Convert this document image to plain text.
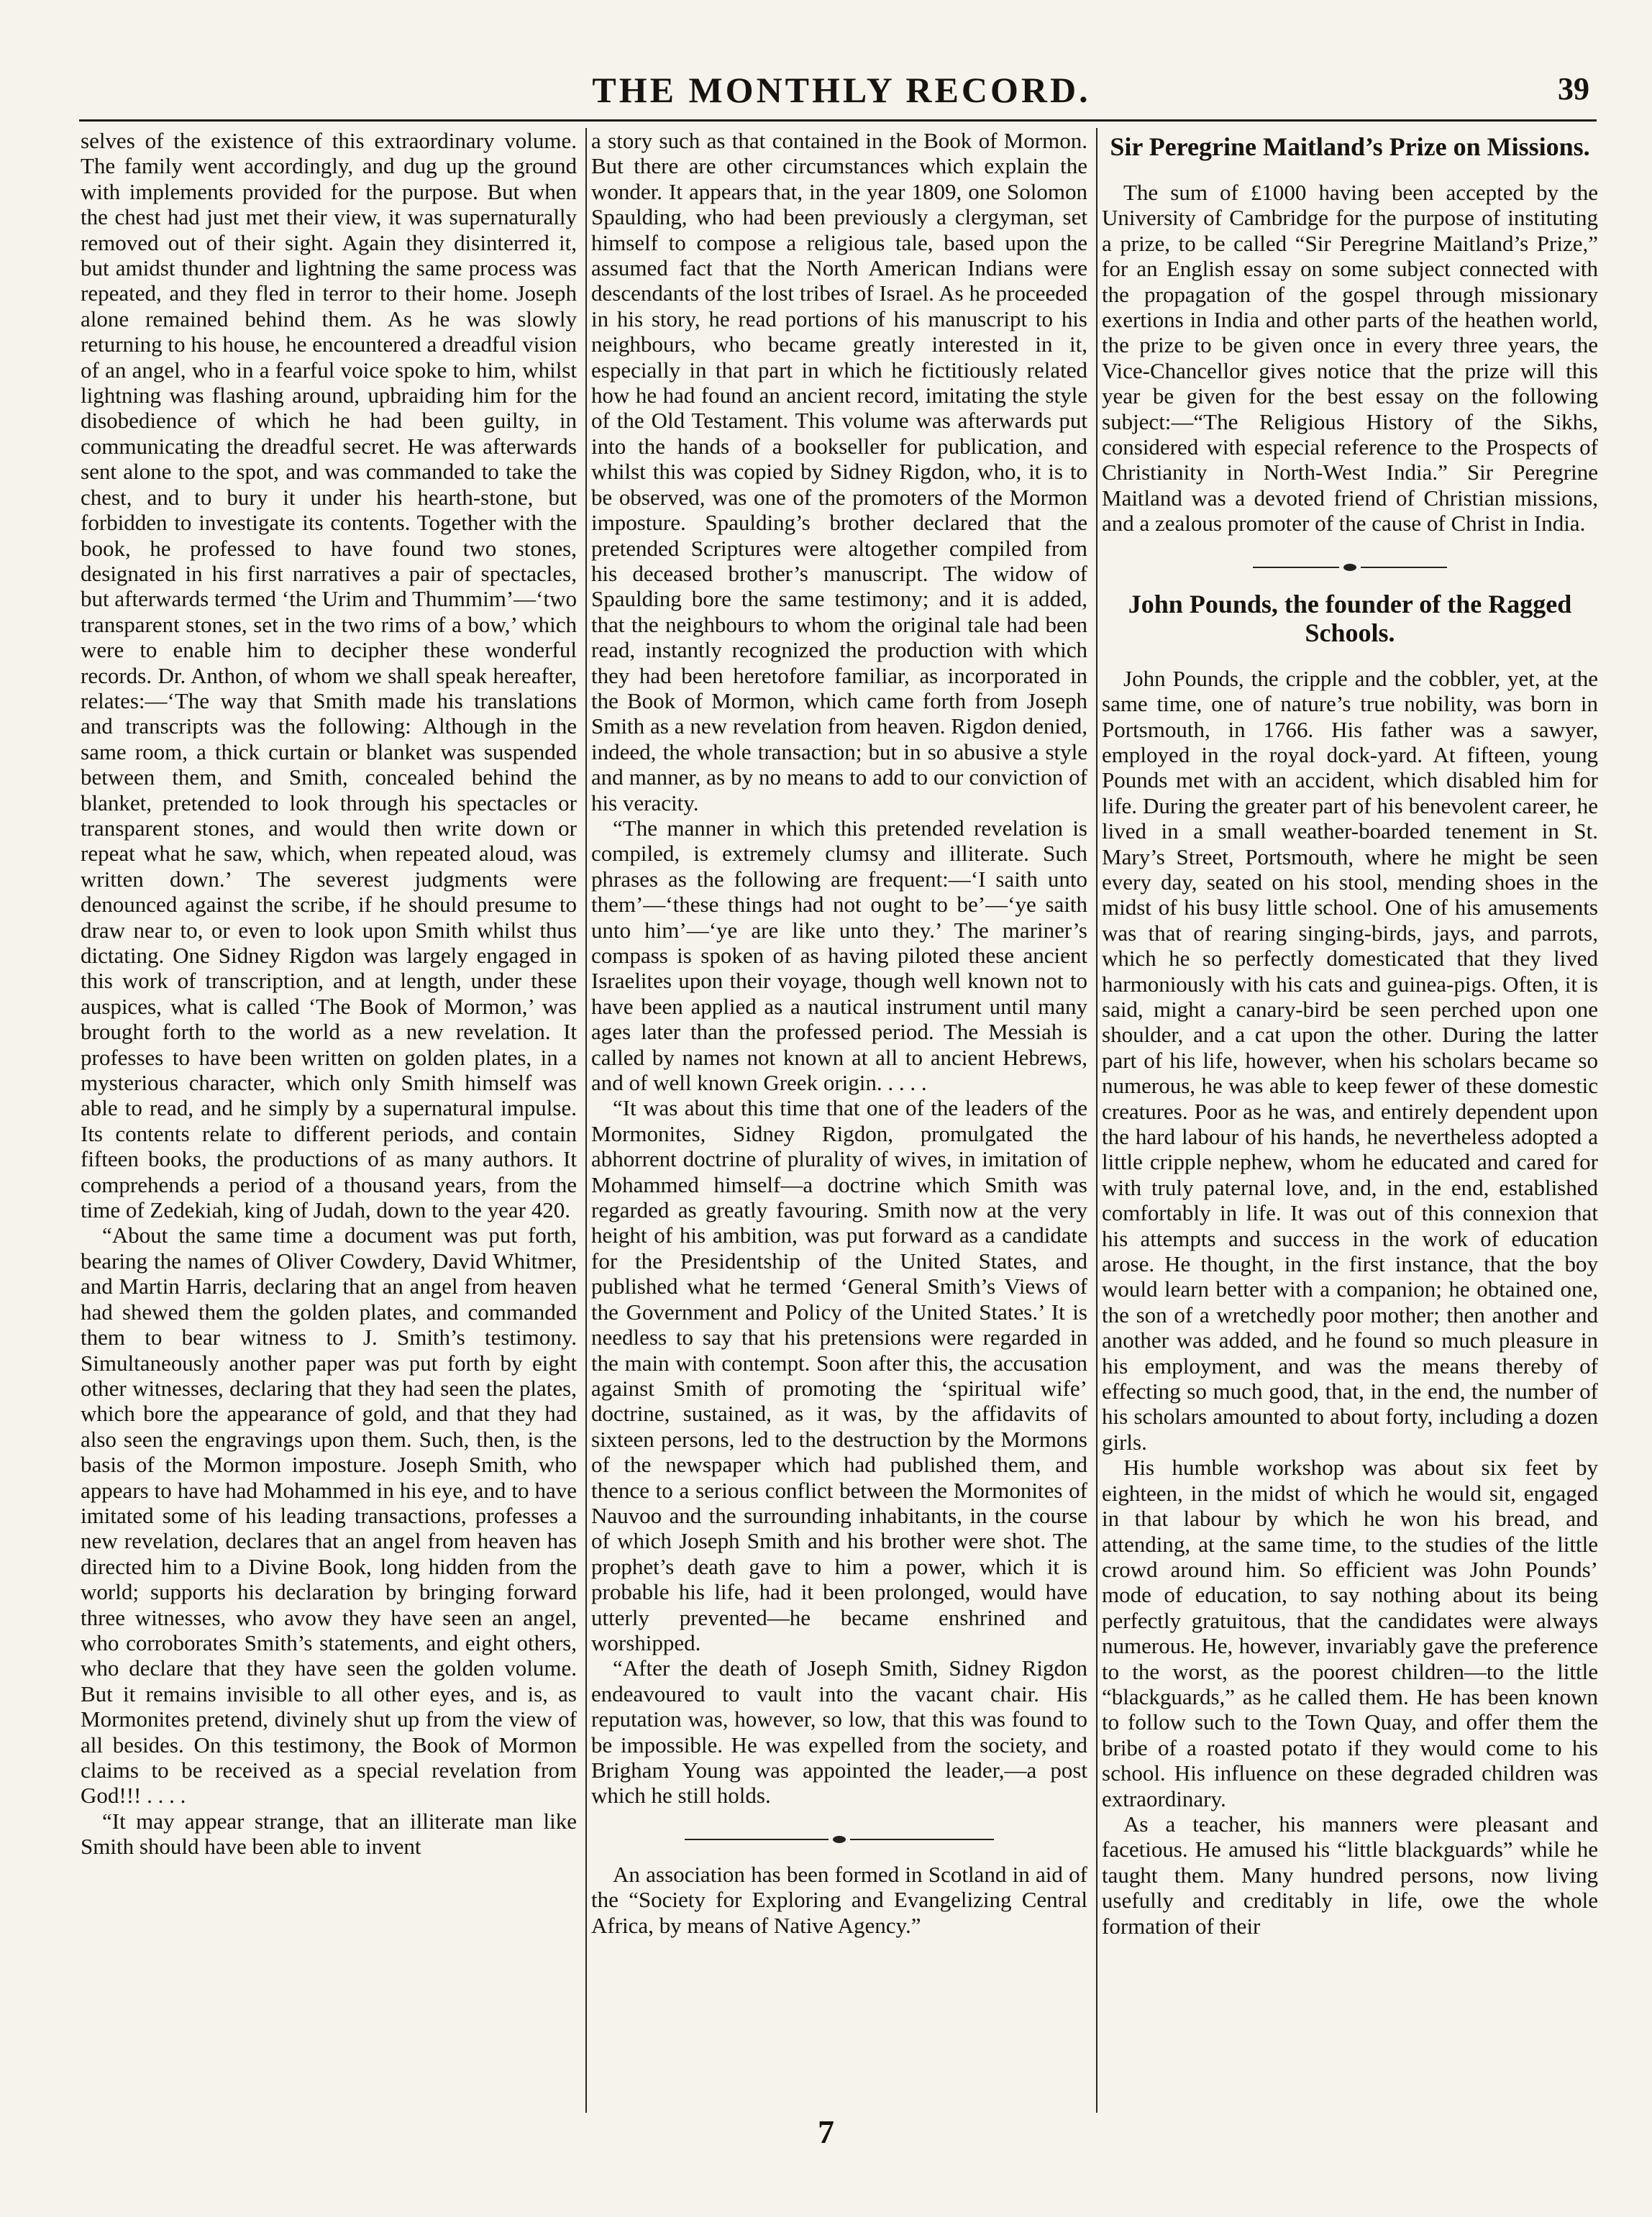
THE MONTHLY RECORD.	39

selves of the existence of this extraordinary volume. The family went accordingly, and dug up the ground with implements provided for the purpose. But when the chest had just met their view, it was supernaturally removed out of their sight. Again they disinterred it, but amidst thunder and lightning the same process was repeated, and they fled in terror to their home. Joseph alone remained behind them. As he was slowly returning to his house, he encountered a dreadful vision of an angel, who in a fearful voice spoke to him, whilst lightning was flashing around, upbraiding him for the disobedience of which he had been guilty, in communicating the dreadful secret. He was afterwards sent alone to the spot, and was commanded to take the chest, and to bury it under his hearth-stone, but forbidden to investigate its contents. Together with the book, he professed to have found two stones, designated in his first narratives a pair of spectacles, but afterwards termed ‘the Urim and Thummim’—‘two transparent stones, set in the two rims of a bow,’ which were to enable him to decipher these wonderful records. Dr. Anthon, of whom we shall speak hereafter, relates:—‘The way that Smith made his translations and transcripts was the following: Although in the same room, a thick curtain or blanket was suspended between them, and Smith, concealed behind the blanket, pretended to look through his spectacles or transparent stones, and would then write down or repeat what he saw, which, when repeated aloud, was written down.’ The severest judgments were denounced against the scribe, if he should presume to draw near to, or even to look upon Smith whilst thus dictating. One Sidney Rigdon was largely engaged in this work of transcription, and at length, under these auspices, what is called ‘The Book of Mormon,’ was brought forth to the world as a new revelation. It professes to have been written on golden plates, in a mysterious character, which only Smith himself was able to read, and he simply by a supernatural impulse. Its contents relate to different periods, and contain fifteen books, the productions of as many authors. It comprehends a period of a thousand years, from the time of Zedekiah, king of Judah, down to the year 420.

“About the same time a document was put forth, bearing the names of Oliver Cowdery, David Whitmer, and Martin Harris, declaring that an angel from heaven had shewed them the golden plates, and commanded them to bear witness to J. Smith’s testimony. Simultaneously another paper was put forth by eight other witnesses, declaring that they had seen the plates, which bore the appearance of gold, and that they had also seen the engravings upon them. Such, then, is the basis of the Mormon imposture. Joseph Smith, who appears to have had Mohammed in his eye, and to have imitated some of his leading transactions, professes a new revelation, declares that an angel from heaven has directed him to a Divine Book, long hidden from the world; supports his declaration by bringing forward three witnesses, who avow they have seen an angel, who corroborates Smith’s statements, and eight others, who declare that they have seen the golden volume. But it remains invisible to all other eyes, and is, as Mormonites pretend, divinely shut up from the view of all besides. On this testimony, the Book of Mormon claims to be received as a special revelation from God!!! . . . .

“It may appear strange, that an illiterate man like Smith should have been able to invent

a story such as that contained in the Book of Mormon. But there are other circumstances which explain the wonder. It appears that, in the year 1809, one Solomon Spaulding, who had been previously a clergyman, set himself to compose a religious tale, based upon the assumed fact that the North American Indians were descendants of the lost tribes of Israel. As he proceeded in his story, he read portions of his manuscript to his neighbours, who became greatly interested in it, especially in that part in which he fictitiously related how he had found an ancient record, imitating the style of the Old Testament. This volume was afterwards put into the hands of a bookseller for publication, and whilst this was copied by Sidney Rigdon, who, it is to be observed, was one of the promoters of the Mormon imposture. Spaulding’s brother declared that the pretended Scriptures were altogether compiled from his deceased brother’s manuscript. The widow of Spaulding bore the same testimony; and it is added, that the neighbours to whom the original tale had been read, instantly recognized the production with which they had been heretofore familiar, as incorporated in the Book of Mormon, which came forth from Joseph Smith as a new revelation from heaven. Rigdon denied, indeed, the whole transaction; but in so abusive a style and manner, as by no means to add to our conviction of his veracity.

“The manner in which this pretended revelation is compiled, is extremely clumsy and illiterate. Such phrases as the following are frequent:—‘I saith unto them’—‘these things had not ought to be’—‘ye saith unto him’—‘ye are like unto they.’ The mariner’s compass is spoken of as having piloted these ancient Israelites upon their voyage, though well known not to have been applied as a nautical instrument until many ages later than the professed period. The Messiah is called by names not known at all to ancient Hebrews, and of well known Greek origin. . . . .

“It was about this time that one of the leaders of the Mormonites, Sidney Rigdon, promulgated the abhorrent doctrine of plurality of wives, in imitation of Mohammed himself—a doctrine which Smith was regarded as greatly favouring. Smith now at the very height of his ambition, was put forward as a candidate for the Presidentship of the United States, and published what he termed ‘General Smith’s Views of the Government and Policy of the United States.’ It is needless to say that his pretensions were regarded in the main with contempt. Soon after this, the accusation against Smith of promoting the ‘spiritual wife’ doctrine, sustained, as it was, by the affidavits of sixteen persons, led to the destruction by the Mormons of the newspaper which had published them, and thence to a serious conflict between the Mormonites of Nauvoo and the surrounding inhabitants, in the course of which Joseph Smith and his brother were shot. The prophet’s death gave to him a power, which it is probable his life, had it been prolonged, would have utterly prevented—he became enshrined and worshipped.

“After the death of Joseph Smith, Sidney Rigdon endeavoured to vault into the vacant chair. His reputation was, however, so low, that this was found to be impossible. He was expelled from the society, and Brigham Young was appointed the leader,—a post which he still holds.

An association has been formed in Scotland in aid of the “Society for Exploring and Evangelizing Central Africa, by means of Native Agency.”

Sir Peregrine Maitland’s Prize on Missions.

The sum of £1000 having been accepted by the University of Cambridge for the purpose of instituting a prize, to be called “Sir Peregrine Maitland’s Prize,” for an English essay on some subject connected with the propagation of the gospel through missionary exertions in India and other parts of the heathen world, the prize to be given once in every three years, the Vice-Chancellor gives notice that the prize will this year be given for the best essay on the following subject:—“The Religious History of the Sikhs, considered with especial reference to the Prospects of Christianity in North-West India.” Sir Peregrine Maitland was a devoted friend of Christian missions, and a zealous promoter of the cause of Christ in India.

John Pounds, the founder of the Ragged Schools.

John Pounds, the cripple and the cobbler, yet, at the same time, one of nature’s true nobility, was born in Portsmouth, in 1766. His father was a sawyer, employed in the royal dock-yard. At fifteen, young Pounds met with an accident, which disabled him for life. During the greater part of his benevolent career, he lived in a small weather-boarded tenement in St. Mary’s Street, Portsmouth, where he might be seen every day, seated on his stool, mending shoes in the midst of his busy little school. One of his amusements was that of rearing singing-birds, jays, and parrots, which he so perfectly domesticated that they lived harmoniously with his cats and guinea-pigs. Often, it is said, might a canary-bird be seen perched upon one shoulder, and a cat upon the other. During the latter part of his life, however, when his scholars became so numerous, he was able to keep fewer of these domestic creatures. Poor as he was, and entirely dependent upon the hard labour of his hands, he nevertheless adopted a little cripple nephew, whom he educated and cared for with truly paternal love, and, in the end, established comfortably in life. It was out of this connexion that his attempts and success in the work of education arose. He thought, in the first instance, that the boy would learn better with a companion; he obtained one, the son of a wretchedly poor mother; then another and another was added, and he found so much pleasure in his employment, and was the means thereby of effecting so much good, that, in the end, the number of his scholars amounted to about forty, including a dozen girls.

His humble workshop was about six feet by eighteen, in the midst of which he would sit, engaged in that labour by which he won his bread, and attending, at the same time, to the studies of the little crowd around him. So efficient was John Pounds’ mode of education, to say nothing about its being perfectly gratuitous, that the candidates were always numerous. He, however, invariably gave the preference to the worst, as the poorest children—to the little “blackguards,” as he called them. He has been known to follow such to the Town Quay, and offer them the bribe of a roasted potato if they would come to his school. His influence on these degraded children was extraordinary.

As a teacher, his manners were pleasant and facetious. He amused his “little blackguards” while he taught them. Many hundred persons, now living usefully and creditably in life, owe the whole formation of their

7
